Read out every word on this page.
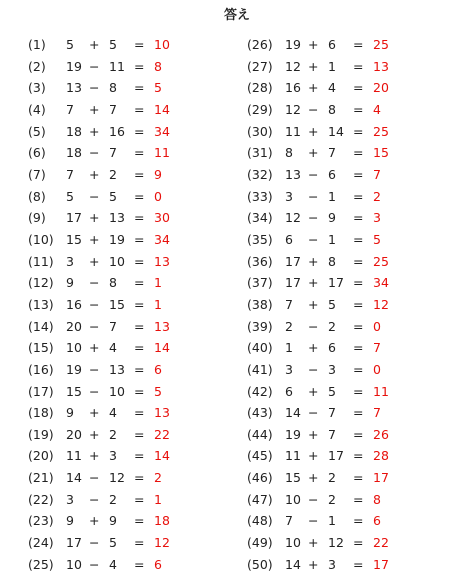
答え
(1) 5 + 5 = 10
(2) 19 − 11 = 8
(3) 13 − 8 = 5
(4) 7 + 7 = 14
(5) 18 + 16 = 34
(6) 18 − 7 = 11
(7) 7 + 2 = 9
(8) 5 − 5 = 0
(9) 17 + 13 = 30
(10) 15 + 19 = 34
(11) 3 + 10 = 13
(12) 9 − 8 = 1
(13) 16 − 15 = 1
(14) 20 − 7 = 13
(15) 10 + 4 = 14
(16) 19 − 13 = 6
(17) 15 − 10 = 5
(18) 9 + 4 = 13
(19) 20 + 2 = 22
(20) 11 + 3 = 14
(21) 14 − 12 = 2
(22) 3 − 2 = 1
(23) 9 + 9 = 18
(24) 17 − 5 = 12
(25) 10 − 4 = 6
(26) 19 + 6 = 25
(27) 12 + 1 = 13
(28) 16 + 4 = 20
(29) 12 − 8 = 4
(30) 11 + 14 = 25
(31) 8 + 7 = 15
(32) 13 − 6 = 7
(33) 3 − 1 = 2
(34) 12 − 9 = 3
(35) 6 − 1 = 5
(36) 17 + 8 = 25
(37) 17 + 17 = 34
(38) 7 + 5 = 12
(39) 2 − 2 = 0
(40) 1 + 6 = 7
(41) 3 − 3 = 0
(42) 6 + 5 = 11
(43) 14 − 7 = 7
(44) 19 + 7 = 26
(45) 11 + 17 = 28
(46) 15 + 2 = 17
(47) 10 − 2 = 8
(48) 7 − 1 = 6
(49) 10 + 12 = 22
(50) 14 + 3 = 17
